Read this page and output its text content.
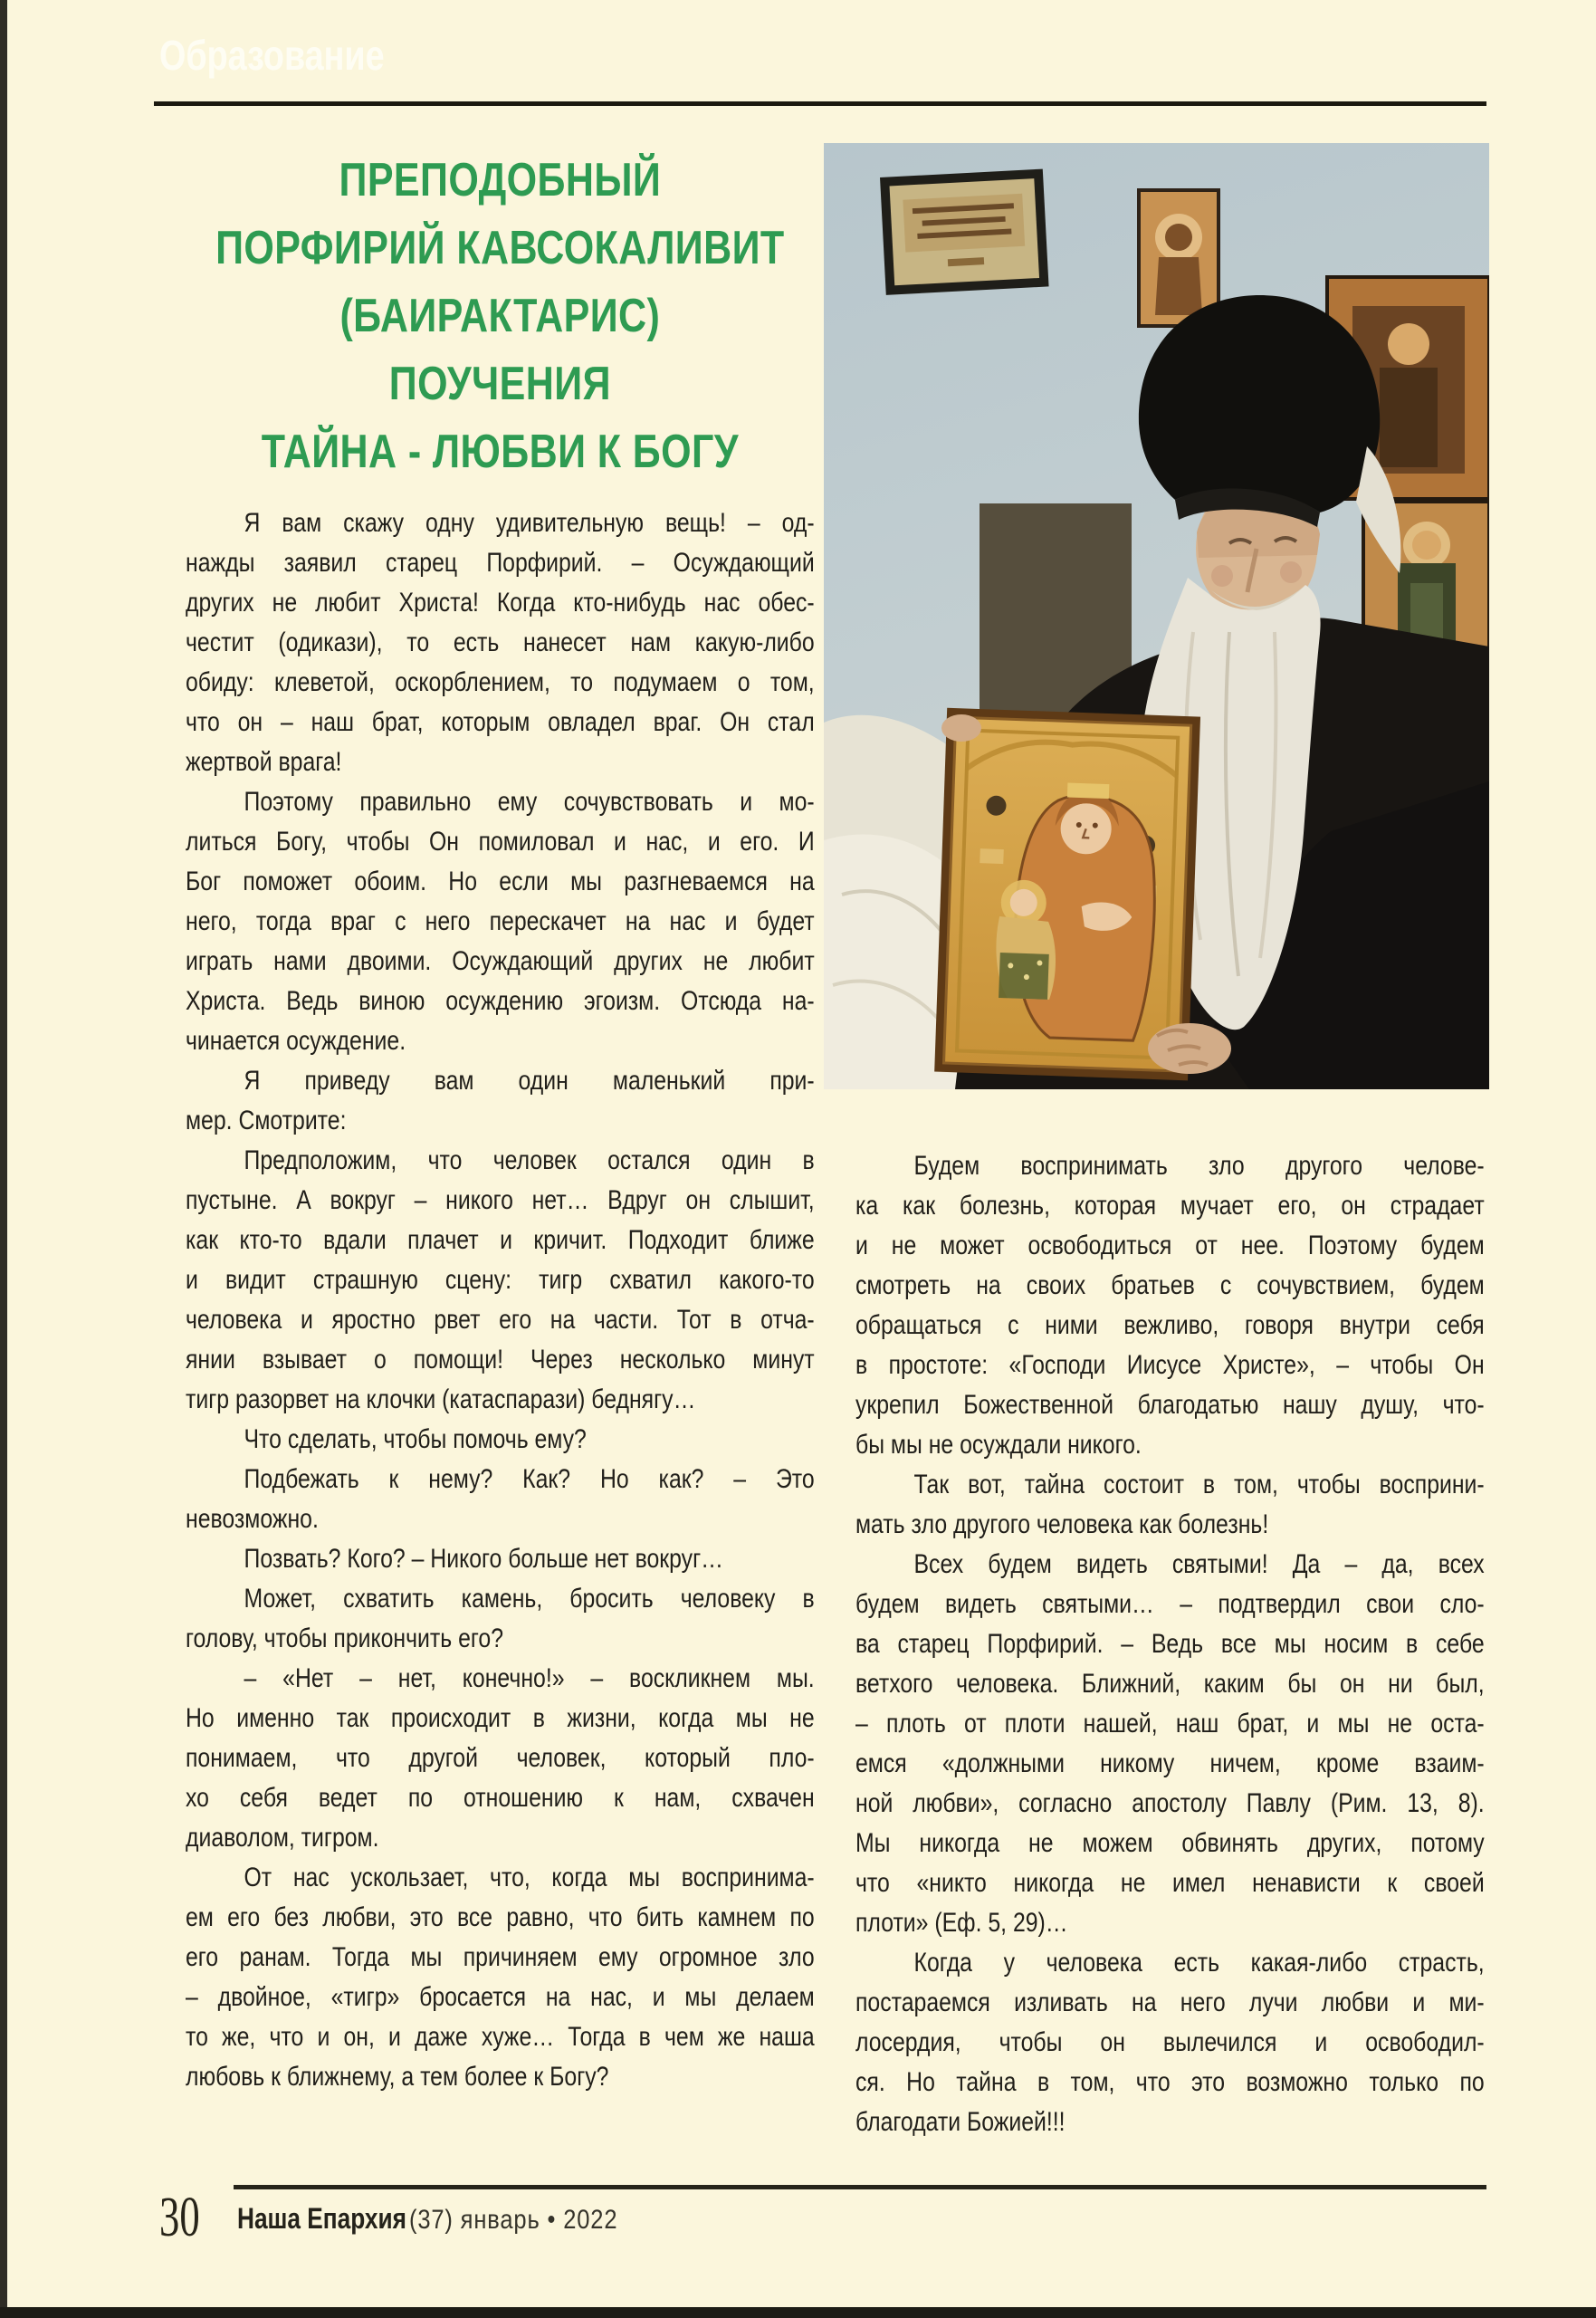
Образование
ПРЕПОДОБНЫЙ
ПОРФИРИЙ КАВСОКАЛИВИТ
(БАИРАКТАРИС)
ПОУЧЕНИЯ
ТАЙНА - ЛЮБВИ К БОГУ
Я вам скажу одну удивительную вещь! – од-
нажды заявил старец Порфирий. – Осуждающий
других не любит Христа! Когда кто-нибудь нас обес-
честит (одикази), то есть нанесет нам какую-либо
обиду: клеветой, оскорблением, то подумаем о том,
что он – наш брат, которым овладел враг. Он стал
жертвой врага!
Поэтому правильно ему сочувствовать и мо-
литься Богу, чтобы Он помиловал и нас, и его. И
Бог поможет обоим. Но если мы разгневаемся на
него, тогда враг с него перескачет на нас и будет
играть нами двоими. Осуждающий других не любит
Христа. Ведь виною осуждению эгоизм. Отсюда на-
чинается осуждение.
Я приведу вам один маленький при-
мер. Смотрите:
Предположим, что человек остался один в
пустыне. А вокруг – никого нет… Вдруг он слышит,
как кто-то вдали плачет и кричит. Подходит ближе
и видит страшную сцену: тигр схватил какого-то
человека и яростно рвет его на части. Тот в отча-
янии взывает о помощи! Через несколько минут
тигр разорвет на клочки (катаспарази) беднягу…
Что сделать, чтобы помочь ему?
Подбежать к нему? Как? Но как? – Это
невозможно.
Позвать? Кого? – Никого больше нет вокруг…
Может, схватить камень, бросить человеку в
голову, чтобы прикончить его?
– «Нет – нет, конечно!» – воскликнем мы.
Но именно так происходит в жизни, когда мы не
понимаем, что другой человек, который пло-
хо себя ведет по отношению к нам, схвачен
диаволом, тигром.
От нас ускользает, что, когда мы воспринима-
ем его без любви, это все равно, что бить камнем по
его ранам. Тогда мы причиняем ему огромное зло
– двойное, «тигр» бросается на нас, и мы делаем
то же, что и он, и даже хуже… Тогда в чем же наша
любовь к ближнему, а тем более к Богу?
Будем воспринимать зло другого челове-
ка как болезнь, которая мучает его, он страдает
и не может освободиться от нее. Поэтому будем
смотреть на своих братьев с сочувствием, будем
обращаться с ними вежливо, говоря внутри себя
в простоте: «Господи Иисусе Христе», – чтобы Он
укрепил Божественной благодатью нашу душу, что-
бы мы не осуждали никого.
Так вот, тайна состоит в том, чтобы восприни-
мать зло другого человека как болезнь!
Всех будем видеть святыми! Да – да, всех
будем видеть святыми… – подтвердил свои сло-
ва старец Порфирий. – Ведь все мы носим в себе
ветхого человека. Ближний, каким бы он ни был,
– плоть от плоти нашей, наш брат, и мы не оста-
емся «должными никому ничем, кроме взаим-
ной любви», согласно апостолу Павлу (Рим. 13, 8).
Мы никогда не можем обвинять других, потому
что «никто никогда не имел ненависти к своей
плоти» (Еф. 5, 29)…
Когда у человека есть какая-либо страсть,
постараемся изливать на него лучи любви и ми-
лосердия, чтобы он вылечился и освободил-
ся. Но тайна в том, что это возможно только по
благодати Божией!!!
30 Наша Епархия (37) январь • 2022
